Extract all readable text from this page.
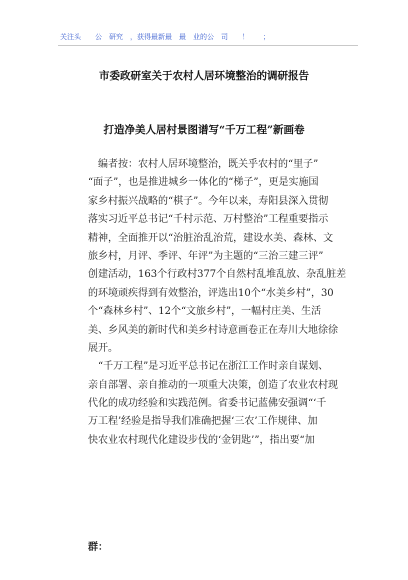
关注头　　公　研究　，获得最新最　最　业的公　司　　！　　；
市委政研室关于农村人居环境整治的调研报告
打造净美人居村景图谱写“千万工程”新画卷
　编者按：农村人居环境整治，既关乎农村的“里子”
“面子”，也是推进城乡一体化的“梯子”，更是实施国
家乡村振兴战略的“棋子”。今年以来，寿阳县深入贯彻
落实习近平总书记“千村示范、万村整治”工程重要指示
精神，全面推开以“治脏治乱治荒，建设水美、森林、文
旅乡村，月评、季评、年评”为主题的“三治三建三评”
创建活动，163个行政村377个自然村乱堆乱放、杂乱脏差
的环境顽疾得到有效整治，评选出10个“水美乡村”，30
个“森林乡村”、12个“文旅乡村”，一幅村庄美、生活
美、乡风美的新时代和美乡村诗意画卷正在寿川大地徐徐
展开。
　“千万工程”是习近平总书记在浙江工作时亲自谋划、
亲自部署、亲自推动的一项重大决策，创造了农业农村现
代化的成功经验和实践范例。省委书记蓝佛安强调“‘千
万工程’经验是指导我们准确把握‘三农’工作规律、加
快农业农村现代化建设步伐的‘金钥匙’”，指出要“加
群：
